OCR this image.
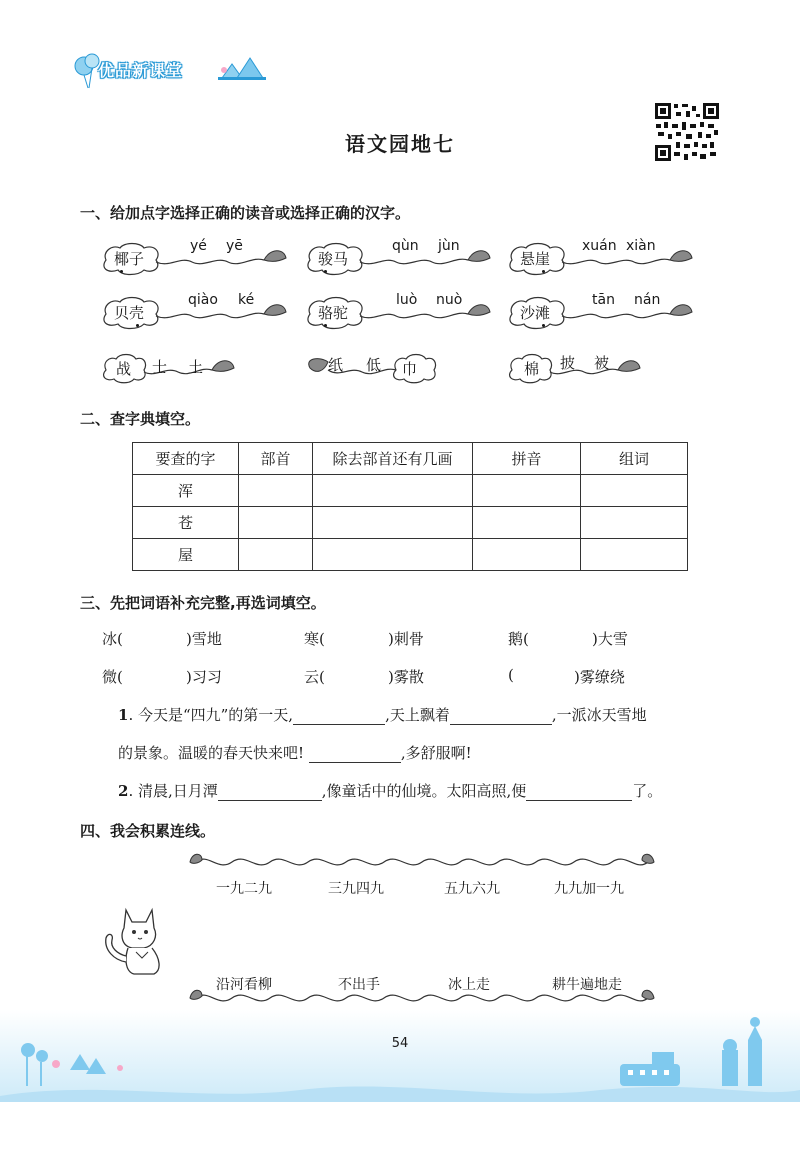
优品新课堂
语文园地七
一、给加点字选择正确的读音或选择正确的汉字。
椰子
yé yē
骏马
qùn jùn
悬崖
xuán xiàn
贝壳
qiào ké
骆驼
luò nuò
沙滩
tān nán
战 士 土	纸 低 巾	棉 披 被
二、查字典填空。
要查的字	部首	除去部首还有几画	拼音	组词
浑				
苍				
屋				
三、先把词语补充完整,再选词填空。
冰(	)雪地	寒(	)刺骨	鹅(	)大雪
微(	)习习	云(	)雾散	(	)雾缭绕
1. 今天是“四九”的第一天,	,天上飘着	,一派冰天雪地
的景象。温暖的春天快来吧!	,多舒服啊!
2. 清晨,日月潭	,像童话中的仙境。太阳高照,便	了。
四、我会积累连线。
一九二九	三九四九	五九六九	九九加一九
沿河看柳	不出手	冰上走	耕牛遍地走
54
